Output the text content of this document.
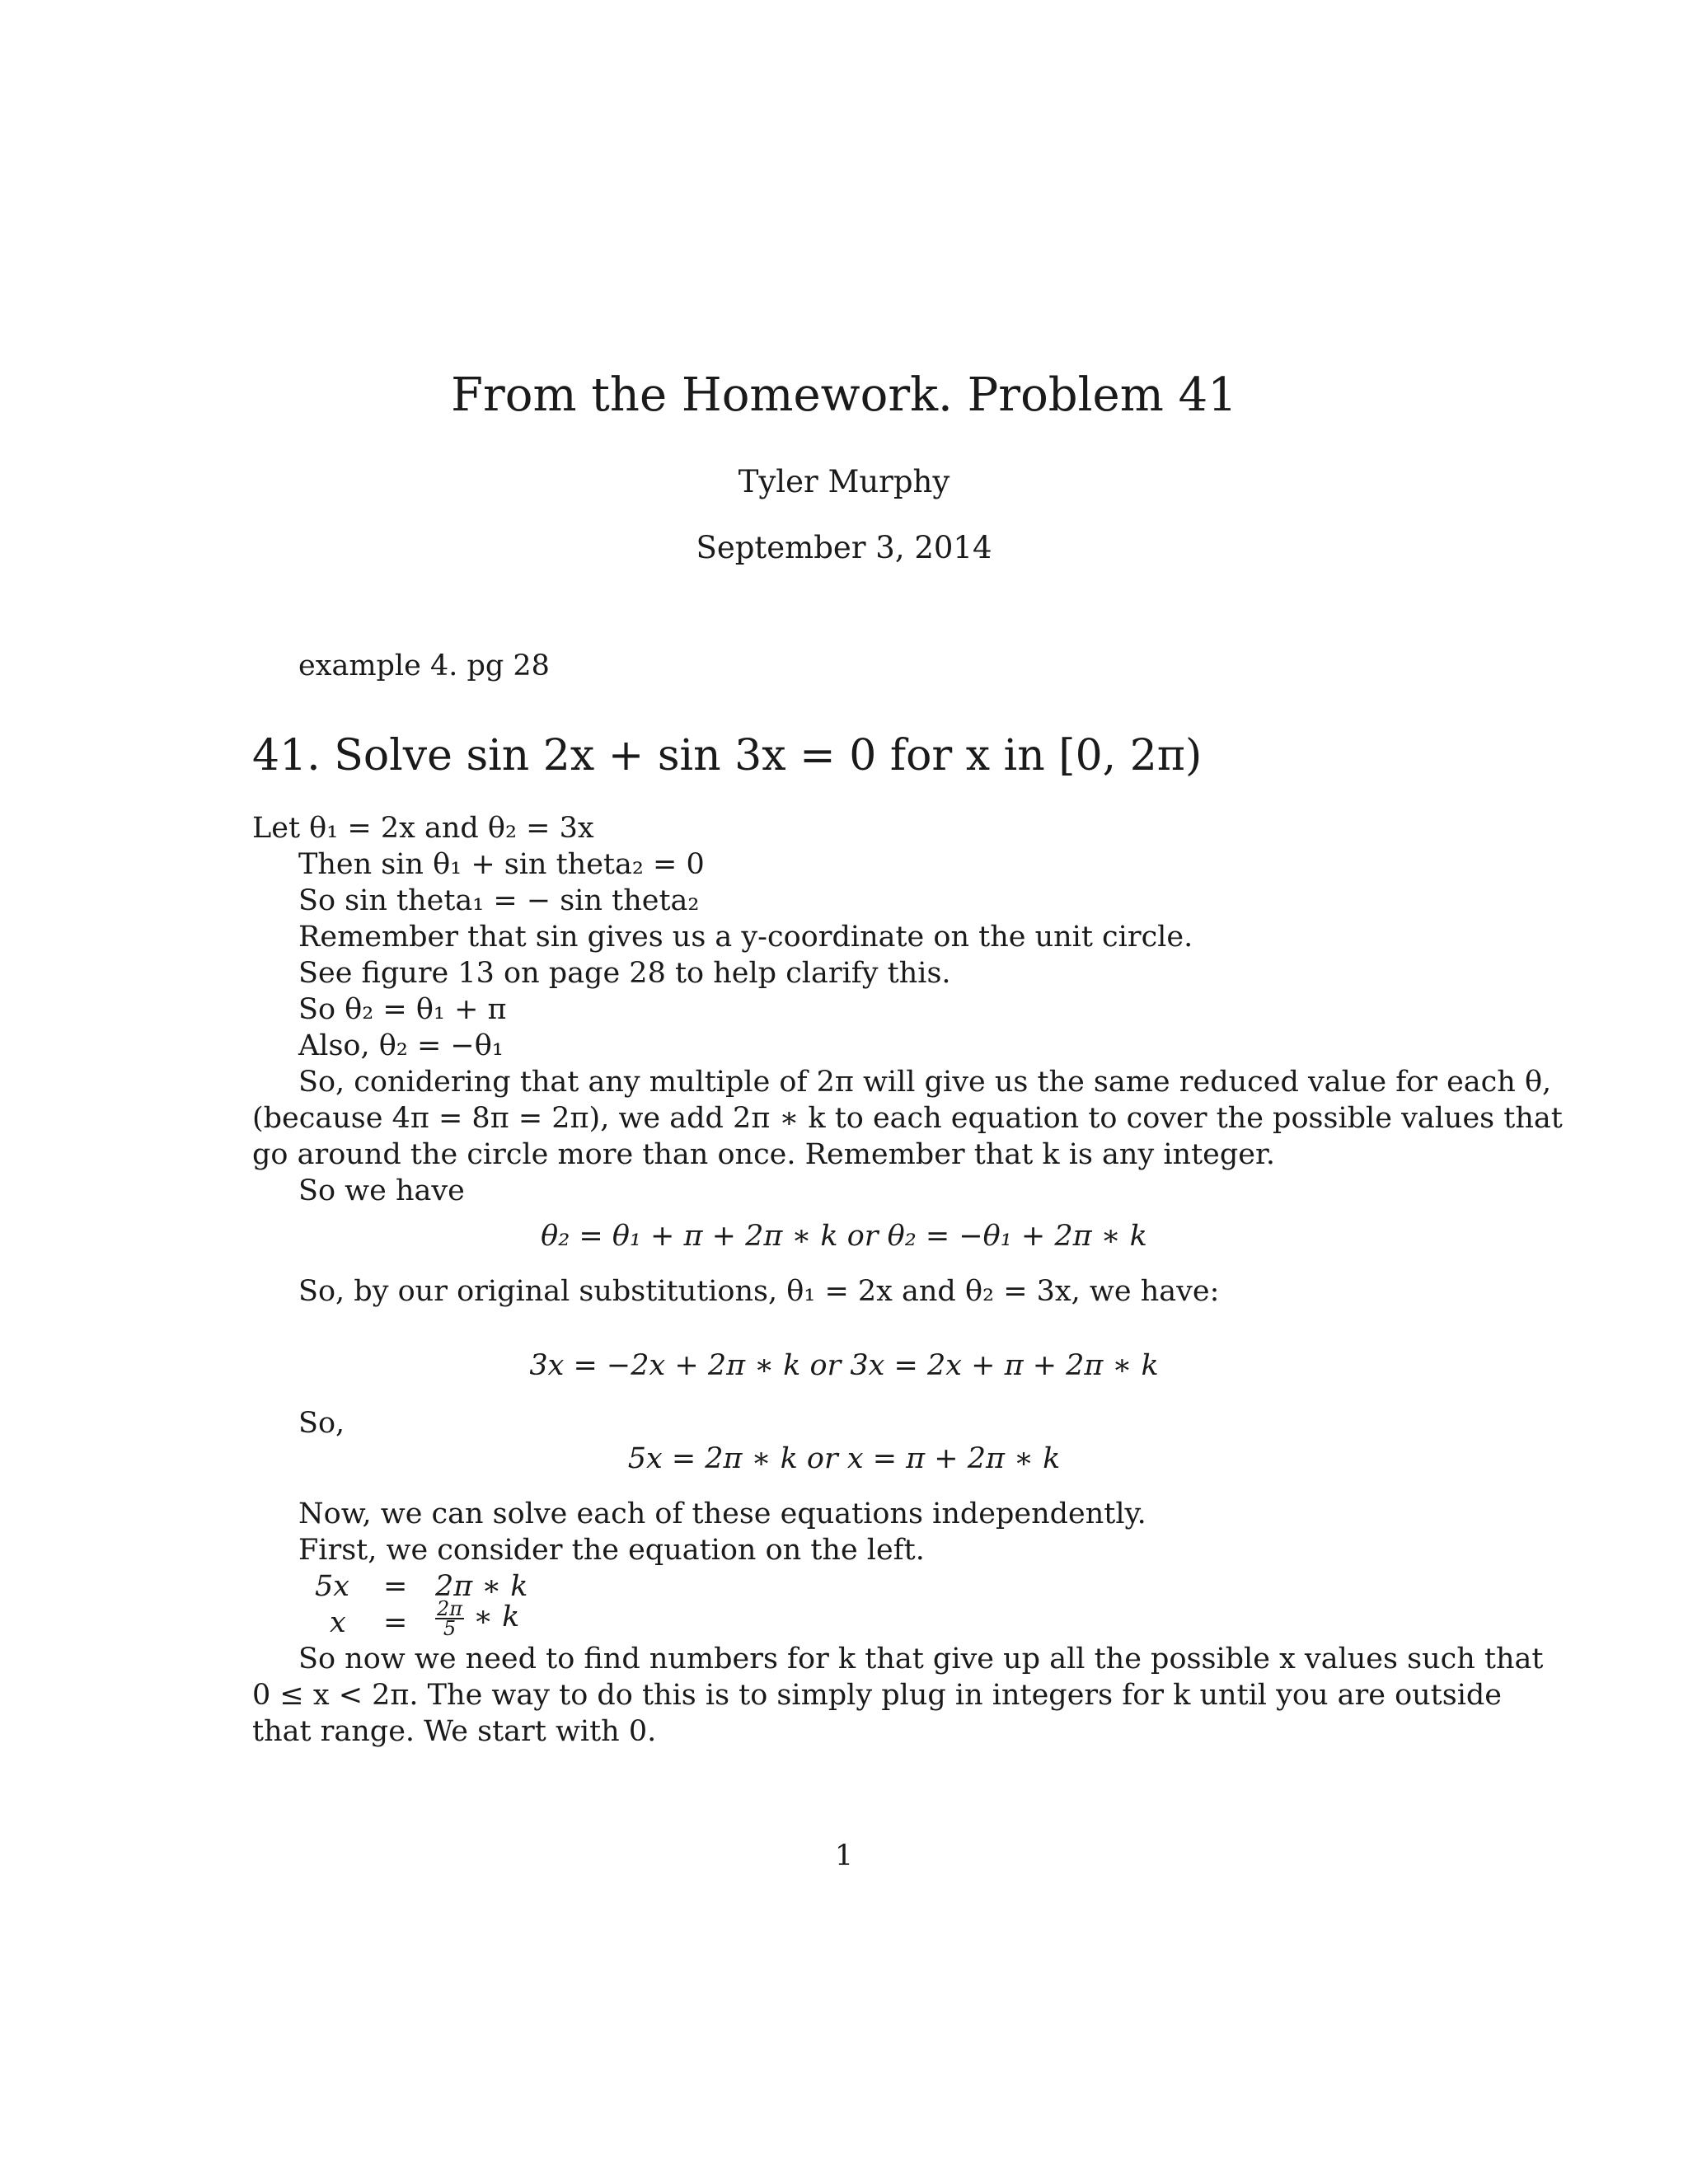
From the Homework. Problem 41
Tyler Murphy
September 3, 2014
example 4. pg 28
41. Solve sin 2x + sin 3x = 0 for x in [0, 2π)
Let θ₁ = 2x and θ₂ = 3x
Then sin θ₁ + sin theta₂ = 0
So sin theta₁ = − sin theta₂
Remember that sin gives us a y-coordinate on the unit circle.
See figure 13 on page 28 to help clarify this.
So θ₂ = θ₁ + π
Also, θ₂ = −θ₁
So, conidering that any multiple of 2π will give us the same reduced value for each θ,
(because 4π = 8π = 2π), we add 2π ∗ k to each equation to cover the possible values that
go around the circle more than once. Remember that k is any integer.
So we have
θ₂ = θ₁ + π + 2π ∗ k or θ₂ = −θ₁ + 2π ∗ k
So, by our original substitutions, θ₁ = 2x and θ₂ = 3x, we have:
3x = −2x + 2π ∗ k or 3x = 2x + π + 2π ∗ k
So,
5x = 2π ∗ k or x = π + 2π ∗ k
Now, we can solve each of these equations independently.
First, we consider the equation on the left.
5x = 2π ∗ k
$x = \frac{2\pi}{5}$ ∗ k
So now we need to find numbers for k that give up all the possible x values such that
0 ≤ x < 2π. The way to do this is to simply plug in integers for k until you are outside
that range. We start with 0.
1
